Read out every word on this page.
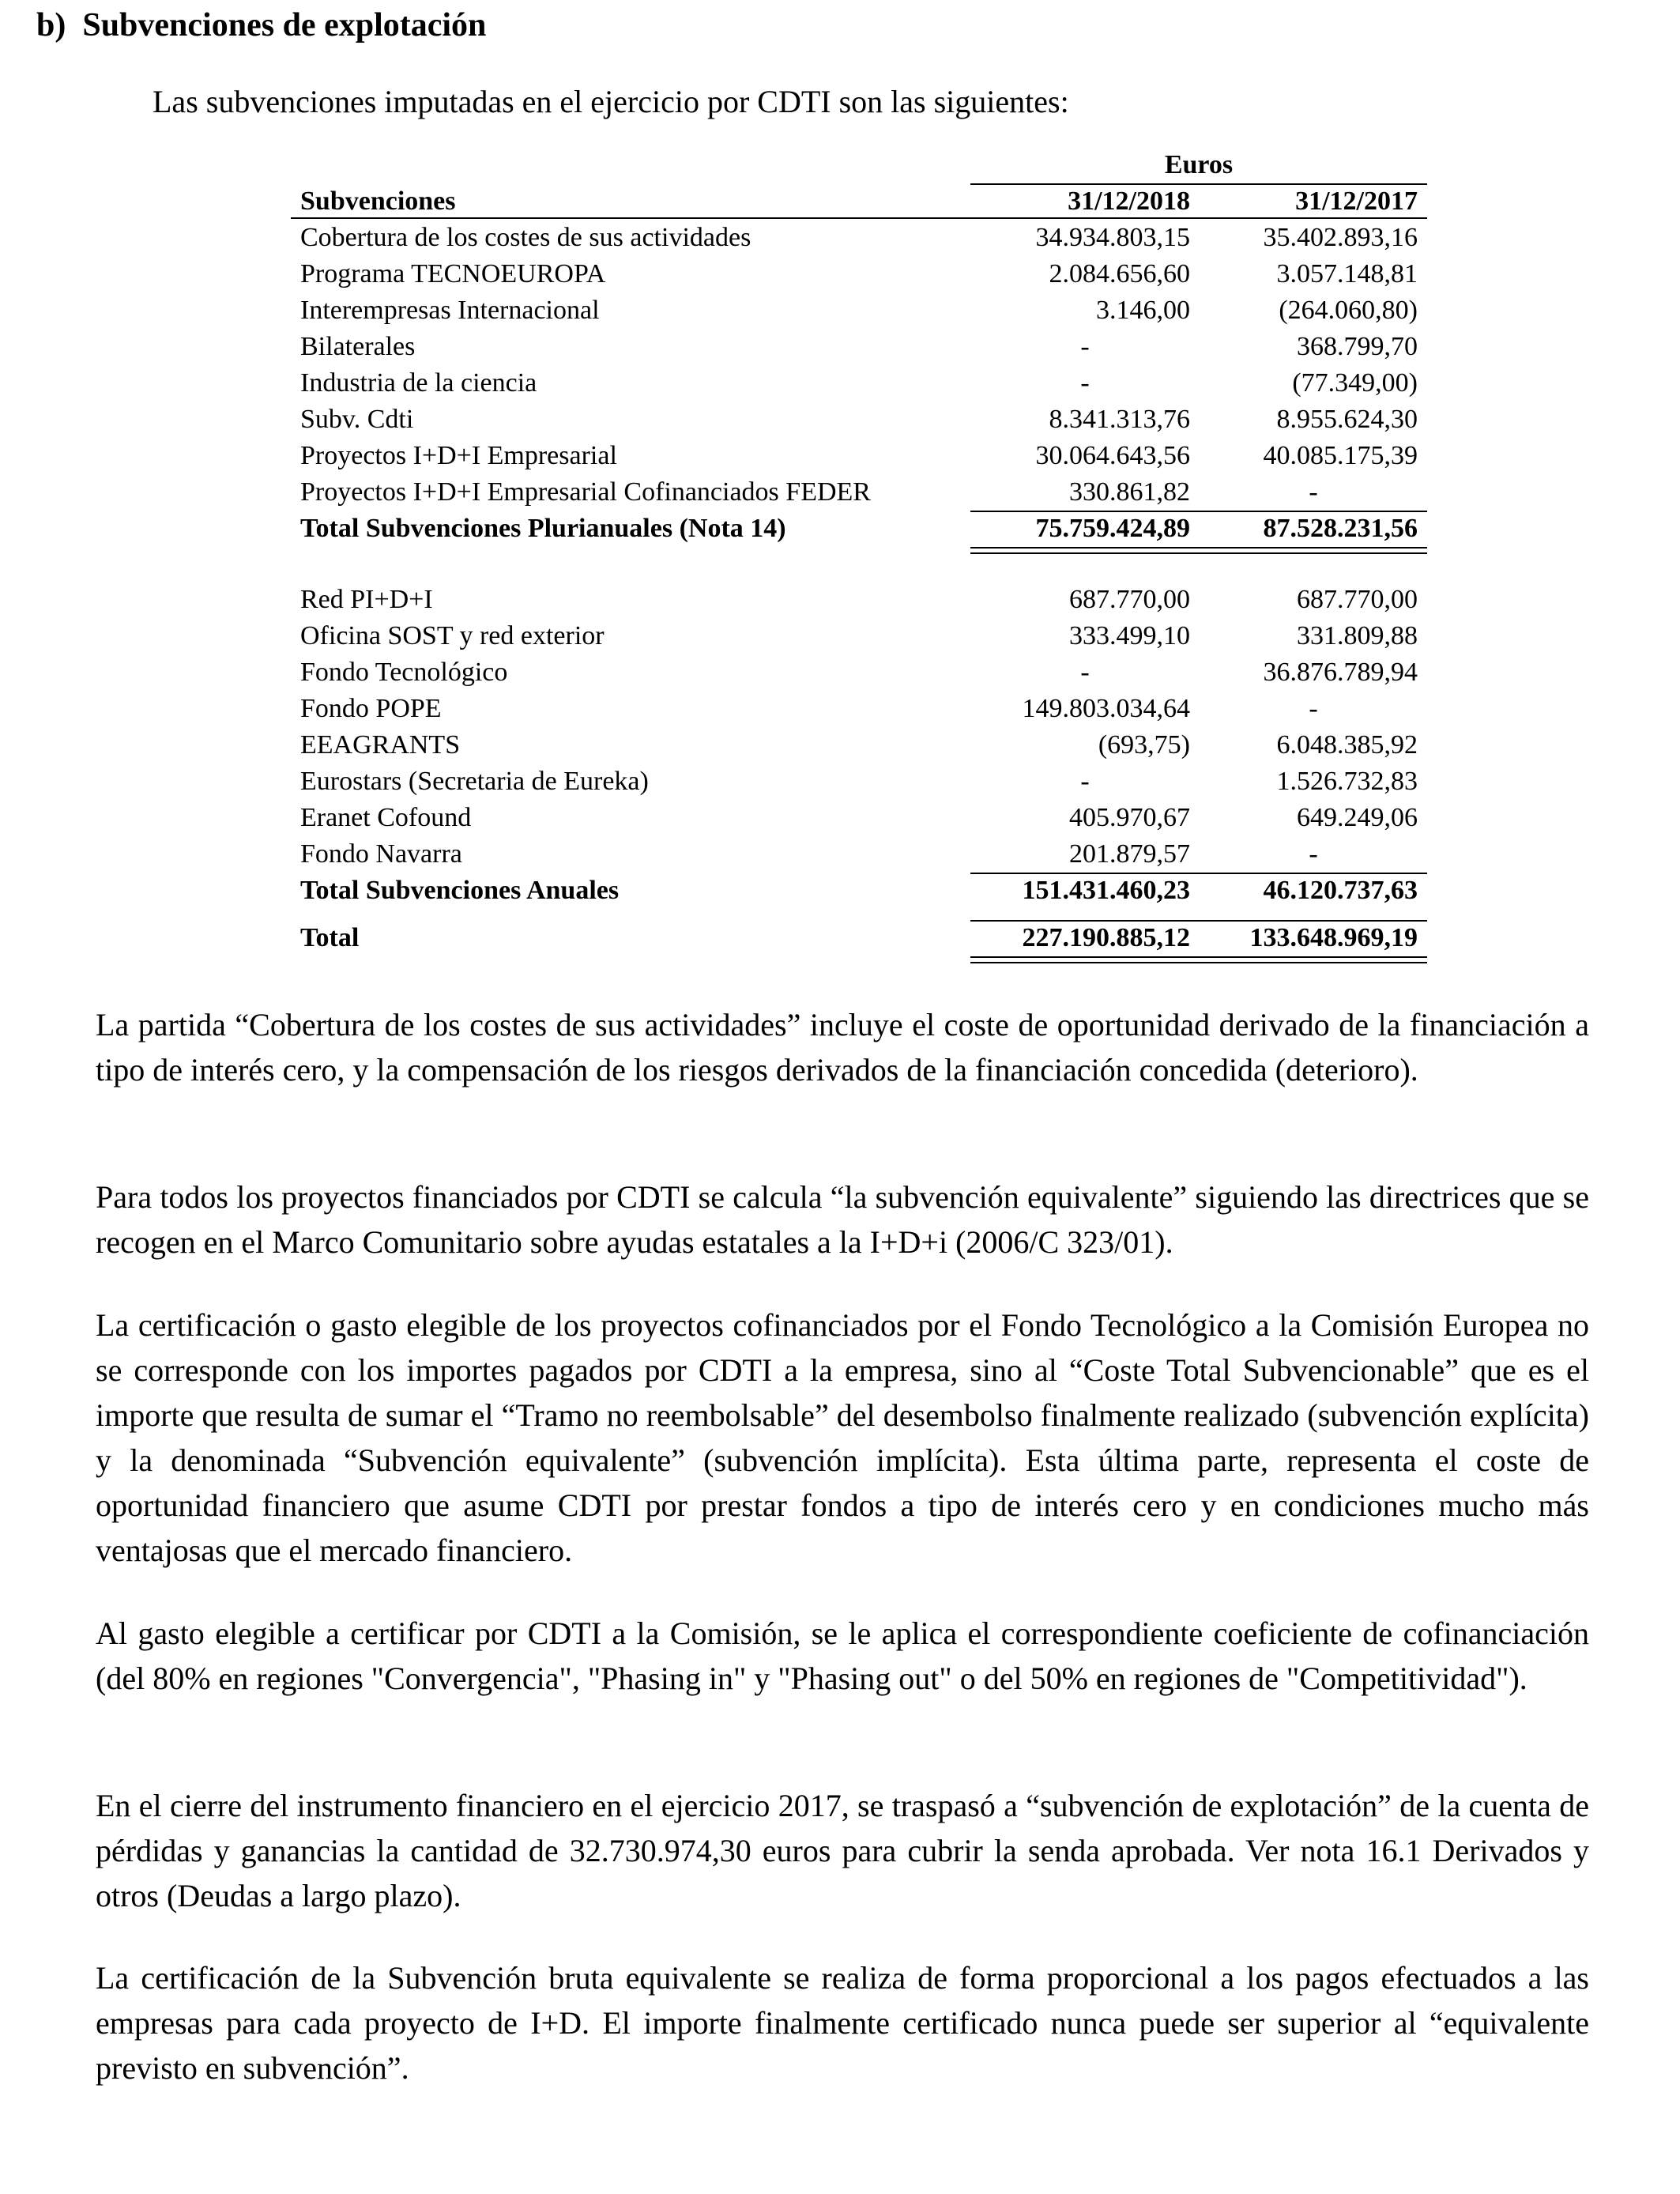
b) Subvenciones de explotación

Las subvenciones imputadas en el ejercicio por CDTI son las siguientes:

Euros
Subvenciones	31/12/2018	31/12/2017
Cobertura de los costes de sus actividades	34.934.803,15	35.402.893,16
Programa TECNOEUROPA	2.084.656,60	3.057.148,81
Interempresas Internacional	3.146,00	(264.060,80)
Bilaterales	-	368.799,70
Industria de la ciencia	-	(77.349,00)
Subv. Cdti	8.341.313,76	8.955.624,30
Proyectos I+D+I Empresarial	30.064.643,56	40.085.175,39
Proyectos I+D+I Empresarial Cofinanciados FEDER	330.861,82	-
Total Subvenciones Plurianuales (Nota 14)	75.759.424,89	87.528.231,56
Red PI+D+I	687.770,00	687.770,00
Oficina SOST y red exterior	333.499,10	331.809,88
Fondo Tecnológico	-	36.876.789,94
Fondo POPE	149.803.034,64	-
EEAGRANTS	(693,75)	6.048.385,92
Eurostars (Secretaria de Eureka)	-	1.526.732,83
Eranet Cofound	405.970,67	649.249,06
Fondo Navarra	201.879,57	-
Total Subvenciones Anuales	151.431.460,23	46.120.737,63
Total	227.190.885,12	133.648.969,19

La partida “Cobertura de los costes de sus actividades” incluye el coste de oportunidad derivado de la financiación a tipo de interés cero, y la compensación de los riesgos derivados de la financiación concedida (deterioro).

Para todos los proyectos financiados por CDTI se calcula “la subvención equivalente” siguiendo las directrices que se recogen en el Marco Comunitario sobre ayudas estatales a la I+D+i (2006/C 323/01).

La certificación o gasto elegible de los proyectos cofinanciados por el Fondo Tecnológico a la Comisión Europea no se corresponde con los importes pagados por CDTI a la empresa, sino al “Coste Total Subvencionable” que es el importe que resulta de sumar el “Tramo no reembolsable” del desembolso finalmente realizado (subvención explícita) y la denominada “Subvención equivalente” (subvención implícita). Esta última parte, representa el coste de oportunidad financiero que asume CDTI por prestar fondos a tipo de interés cero y en condiciones mucho más ventajosas que el mercado financiero.

Al gasto elegible a certificar por CDTI a la Comisión, se le aplica el correspondiente coeficiente de cofinanciación (del 80% en regiones "Convergencia", "Phasing in" y "Phasing out" o del 50% en regiones de "Competitividad").

En el cierre del instrumento financiero en el ejercicio 2017, se traspasó a “subvención de explotación” de la cuenta de pérdidas y ganancias la cantidad de 32.730.974,30 euros para cubrir la senda aprobada. Ver nota 16.1 Derivados y otros (Deudas a largo plazo).

La certificación de la Subvención bruta equivalente se realiza de forma proporcional a los pagos efectuados a las empresas para cada proyecto de I+D. El importe finalmente certificado nunca puede ser superior al “equivalente previsto en subvención”.
